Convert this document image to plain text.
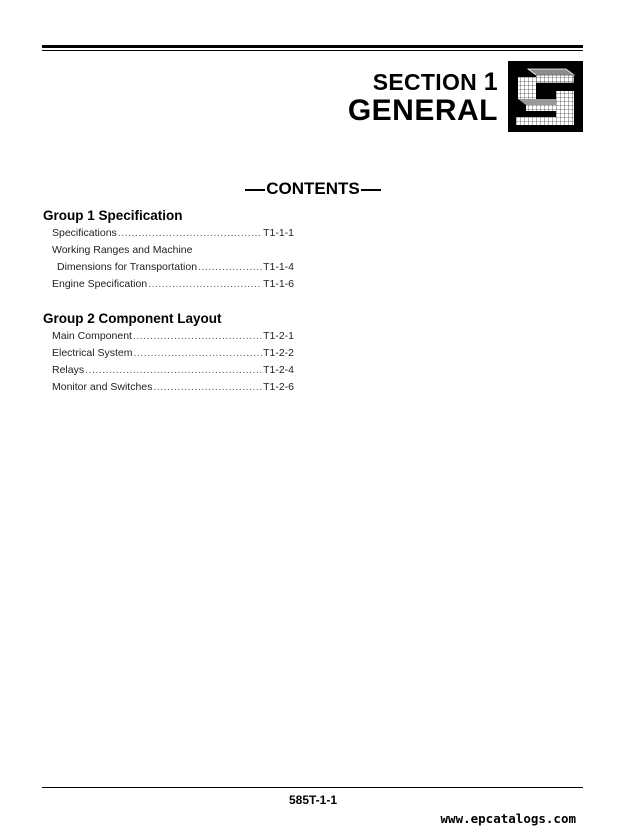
SECTION 1
GENERAL
CONTENTS
Group 1 Specification
Specifications .....	T1-1-1
Working Ranges and Machine
Dimensions for Transportation .....	T1-1-4
Engine Specification .....	T1-1-6
Group 2 Component Layout
Main Component .....	T1-2-1
Electrical System .....	T1-2-2
Relays .....	T1-2-4
Monitor and Switches .....	T1-2-6
585T-1-1
www.epcatalogs.com
